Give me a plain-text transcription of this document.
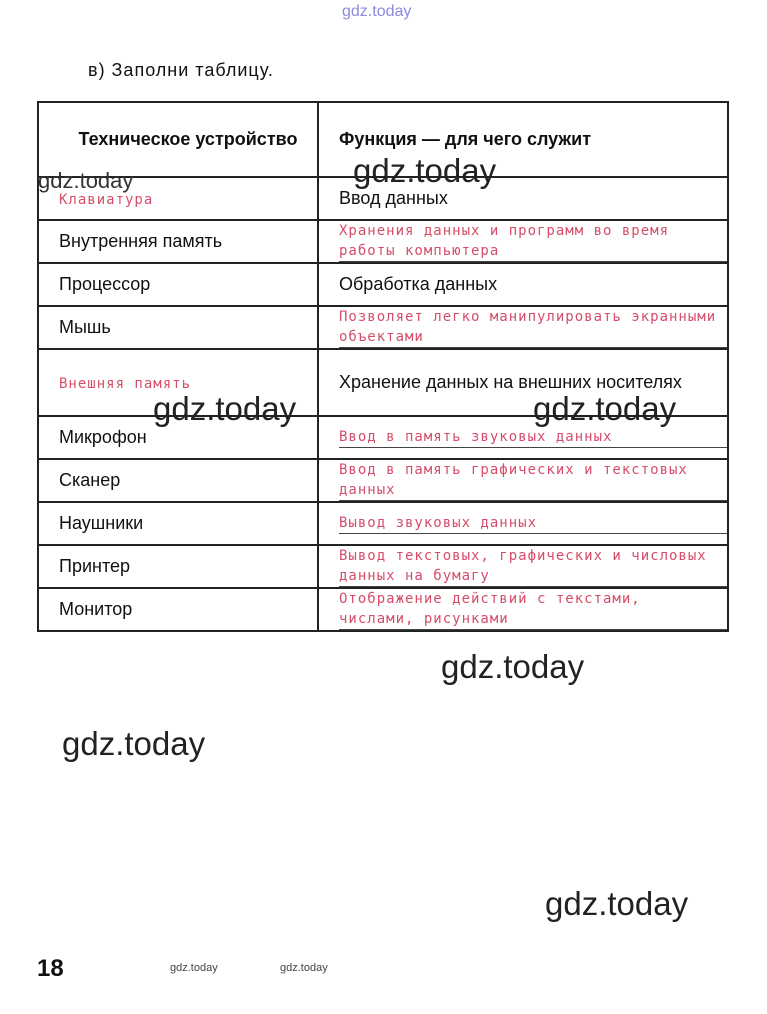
gdz.today
в) Заполни таблицу.
Техническое устройство	Функция — для чего служит
Клавиатура	Ввод данных
Внутренняя память	Хранения данных и программ во время работы компьютера

Процессор	Обработка данных
Мышь	Позволяет легко манипулировать экранными объектами

Внешняя память	Хранение данных на внешних носителях
Микрофон	Ввод в память звуковых данных

Сканер	Ввод в память графических и текстовых данных

Наушники	Вывод звуковых данных

Принтер	Вывод текстовых, графических и числовых данных на бумагу

Монитор	Отображение действий с текстами, числами, рисунками
gdz.today
gdz.today
gdz.today	gdz.today
gdz.today
gdz.today
gdz.today
18	gdz.today	gdz.today
